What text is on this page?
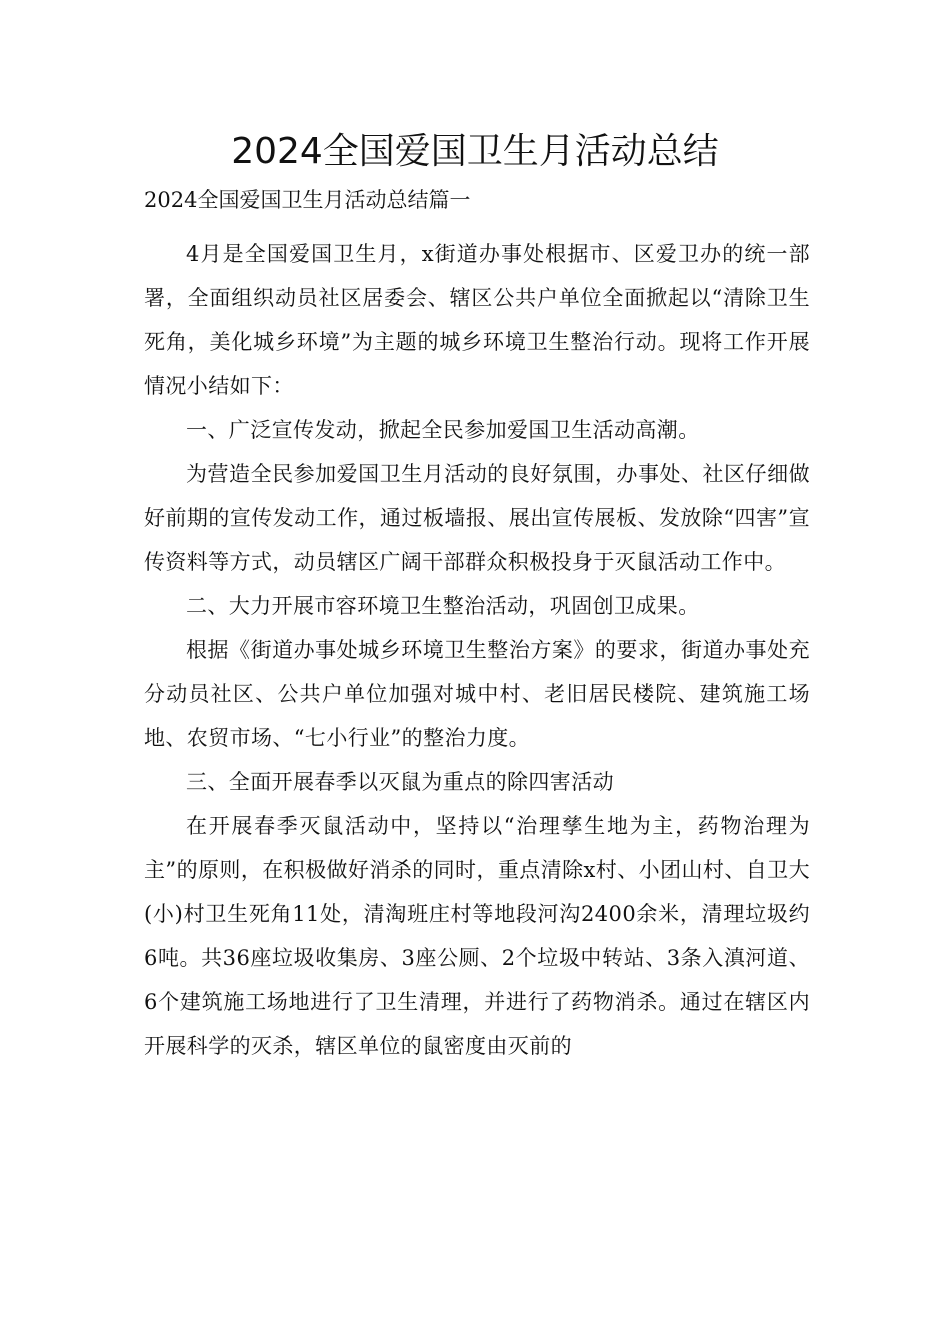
2024全国爱国卫生月活动总结

2024全国爱国卫生月活动总结篇一

4月是全国爱国卫生月，x街道办事处根据市、区爱卫办的统一部署，全面组织动员社区居委会、辖区公共户单位全面掀起以“清除卫生死角，美化城乡环境”为主题的城乡环境卫生整治行动。现将工作开展情况小结如下：

一、广泛宣传发动，掀起全民参加爱国卫生活动高潮。

为营造全民参加爱国卫生月活动的良好氛围，办事处、社区仔细做好前期的宣传发动工作，通过板墙报、展出宣传展板、发放除“四害”宣传资料等方式，动员辖区广阔干部群众积极投身于灭鼠活动工作中。

二、大力开展市容环境卫生整治活动，巩固创卫成果。

根据《街道办事处城乡环境卫生整治方案》的要求，街道办事处充分动员社区、公共户单位加强对城中村、老旧居民楼院、建筑施工场地、农贸市场、“七小行业”的整治力度。

三、全面开展春季以灭鼠为重点的除四害活动

在开展春季灭鼠活动中，坚持以“治理孳生地为主，药物治理为主”的原则，在积极做好消杀的同时，重点清除x村、小团山村、自卫大(小)村卫生死角11处，清淘班庄村等地段河沟2400余米，清理垃圾约6吨。共36座垃圾收集房、3座公厕、2个垃圾中转站、3条入滇河道、6个建筑施工场地进行了卫生清理，并进行了药物消杀。通过在辖区内开展科学的灭杀，辖区单位的鼠密度由灭前的
